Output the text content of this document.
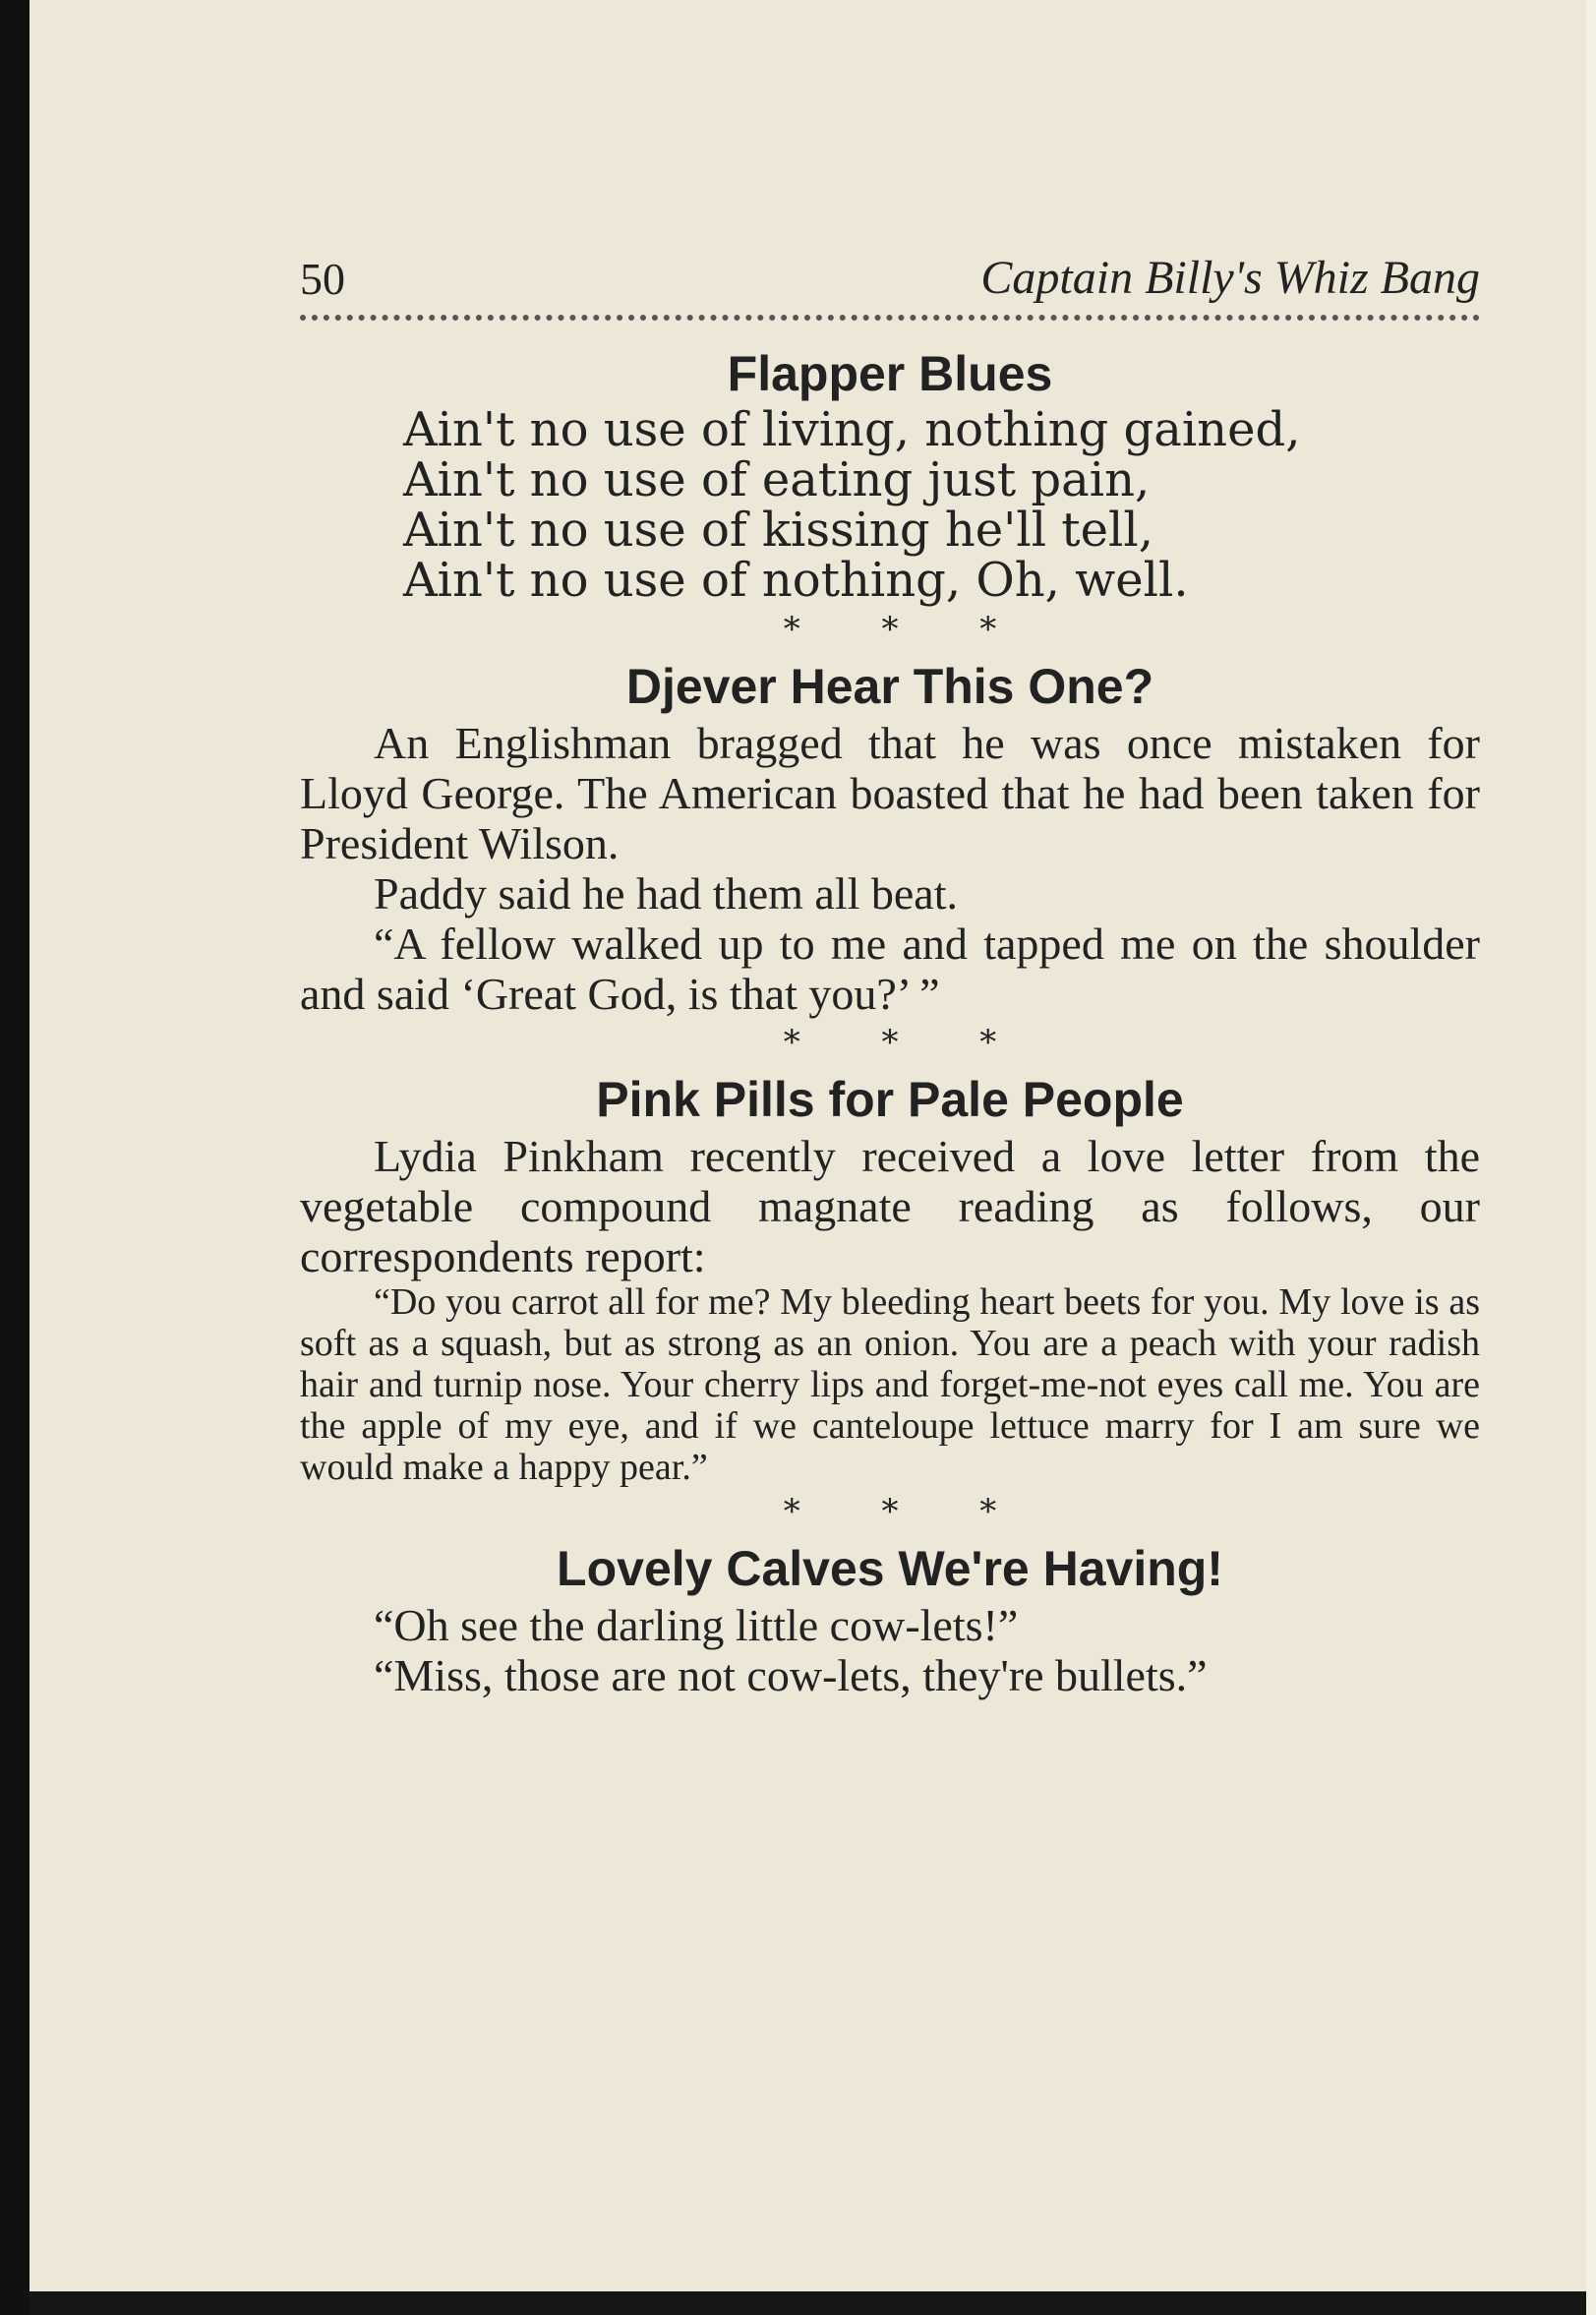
50	Captain Billy's Whiz Bang
Flapper Blues
Ain't no use of living, nothing gained,
Ain't no use of eating just pain,
Ain't no use of kissing he'll tell,
Ain't no use of nothing, Oh, well.
* * *
Djever Hear This One?

An Englishman bragged that he was once mistaken for Lloyd George. The American boasted that he had been taken for President Wilson.

Paddy said he had them all beat.

“A fellow walked up to me and tapped me on the shoulder and said ‘Great God, is that you?’ ”

* * *
Pink Pills for Pale People

Lydia Pinkham recently received a love letter from the vegetable compound magnate reading as follows, our correspondents report:

“Do you carrot all for me? My bleeding heart beets for you. My love is as soft as a squash, but as strong as an onion. You are a peach with your radish hair and turnip nose. Your cherry lips and forget-me-not eyes call me. You are the apple of my eye, and if we canteloupe lettuce marry for I am sure we would make a happy pear.”

* * *
Lovely Calves We're Having!

“Oh see the darling little cow-lets!”

“Miss, those are not cow-lets, they're bullets.”
